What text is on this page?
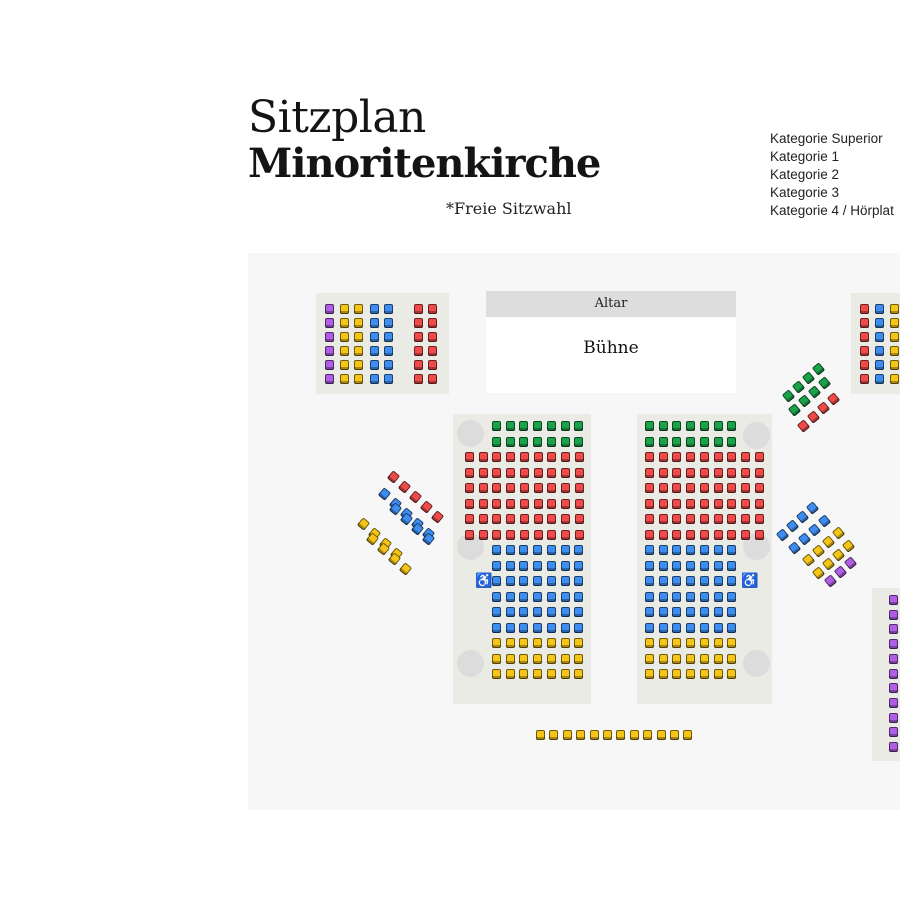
Sitzplan
Minoritenkirche
*Freie Sitzwahl
Kategorie Superior
Kategorie 1
Kategorie 2
Kategorie 3
Kategorie 4 / Hörplat
Altar
Bühne
♿	♿
